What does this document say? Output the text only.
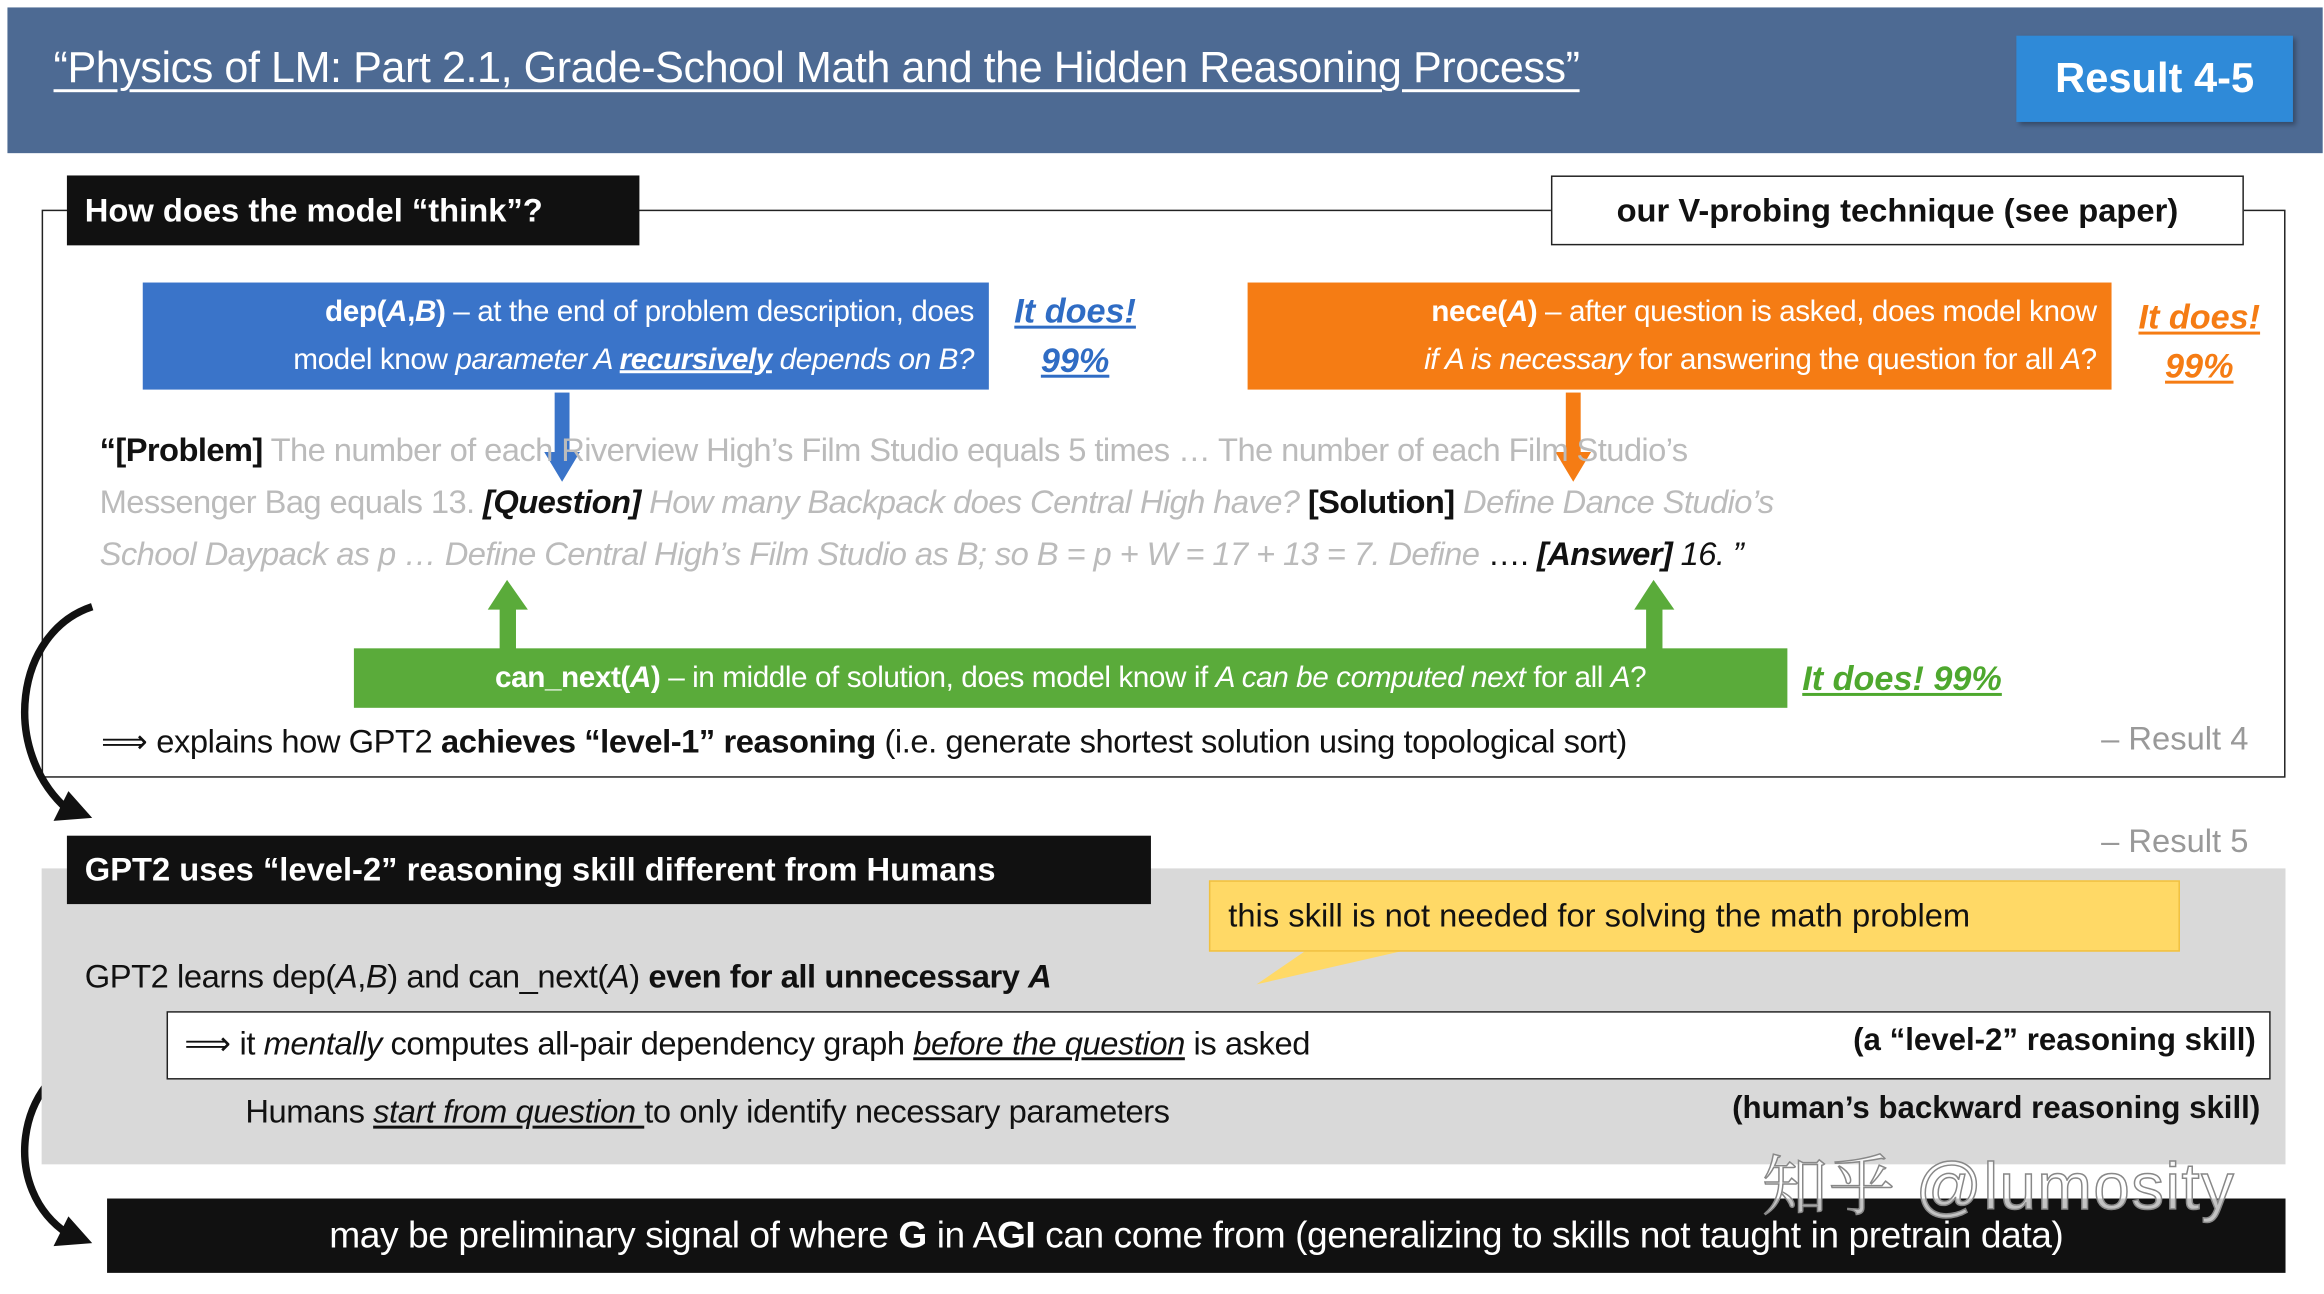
“Physics of LM: Part 2.1, Grade-School Math and the Hidden Reasoning Process”	Result 4-5
How does the model “think”?	our V-probing technique (see paper)
dep(A,B) – at the end of problem description, does
model know parameter A recursively depends on B?
It does!
99%
nece(A) – after question is asked, does model know
if A is necessary for answering the question for all A?
It does!
99%
“[Problem] The number of each Riverview High’s Film Studio equals 5 times … The number of each Film Studio’s
Messenger Bag equals 13. [Question] How many Backpack does Central High have? [Solution] Define Dance Studio’s
School Daypack as p … Define Central High’s Film Studio as B; so B = p + W = 17 + 13 = 7. Define …. [Answer] 16. ”
can_next(A) – in middle of solution, does model know if A can be computed next for all A ?	It does! 99%
⟹ explains how GPT2 achieves “level-1” reasoning (i.e. generate shortest solution using topological sort)	– Result 4
– Result 5
GPT2 uses “level-2” reasoning skill different from Humans
this skill is not needed for solving the math problem
GPT2 learns dep(A,B) and can_next(A) even for all unnecessary A
⟹ it mentally computes all-pair dependency graph before the question is asked	(a “level-2” reasoning skill)
Humans start from question to only identify necessary parameters	(human’s backward reasoning skill)
may be preliminary signal of where G in AGI can come from (generalizing to skills not taught in pretrain data)
知乎 @lumosity
